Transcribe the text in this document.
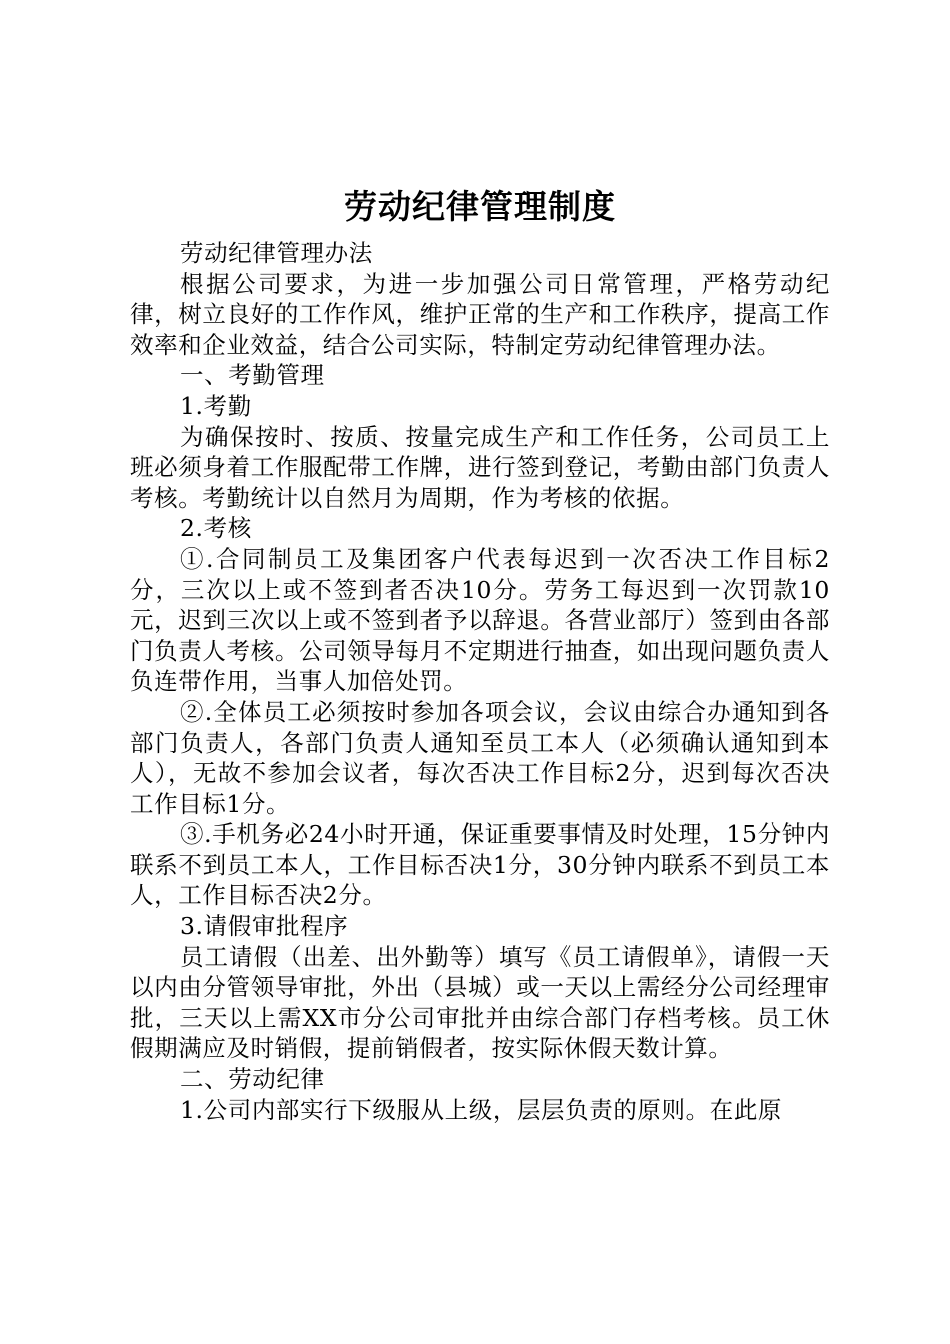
劳动纪律管理制度

劳动纪律管理办法

根据公司要求，为进一步加强公司日常管理，严格劳动纪律，树立良好的工作作风，维护正常的生产和工作秩序，提高工作效率和企业效益，结合公司实际，特制定劳动纪律管理办法。

一、考勤管理

1.考勤

为确保按时、按质、按量完成生产和工作任务，公司员工上班必须身着工作服配带工作牌，进行签到登记，考勤由部门负责人考核。考勤统计以自然月为周期，作为考核的依据。

2.考核

①.合同制员工及集团客户代表每迟到一次否决工作目标2分，三次以上或不签到者否决10分。劳务工每迟到一次罚款10元，迟到三次以上或不签到者予以辞退。各营业部厅）签到由各部门负责人考核。公司领导每月不定期进行抽查，如出现问题负责人负连带作用，当事人加倍处罚。

②.全体员工必须按时参加各项会议，会议由综合办通知到各部门负责人，各部门负责人通知至员工本人（必须确认通知到本人），无故不参加会议者，每次否决工作目标2分，迟到每次否决工作目标1分。

③.手机务必24小时开通，保证重要事情及时处理，15分钟内联系不到员工本人，工作目标否决1分，30分钟内联系不到员工本人，工作目标否决2分。

3.请假审批程序

员工请假（出差、出外勤等）填写《员工请假单》，请假一天以内由分管领导审批，外出（县城）或一天以上需经分公司经理审批，三天以上需XX市分公司审批并由综合部门存档考核。员工休假期满应及时销假，提前销假者，按实际休假天数计算。

二、劳动纪律

1.公司内部实行下级服从上级，层层负责的原则。在此原
